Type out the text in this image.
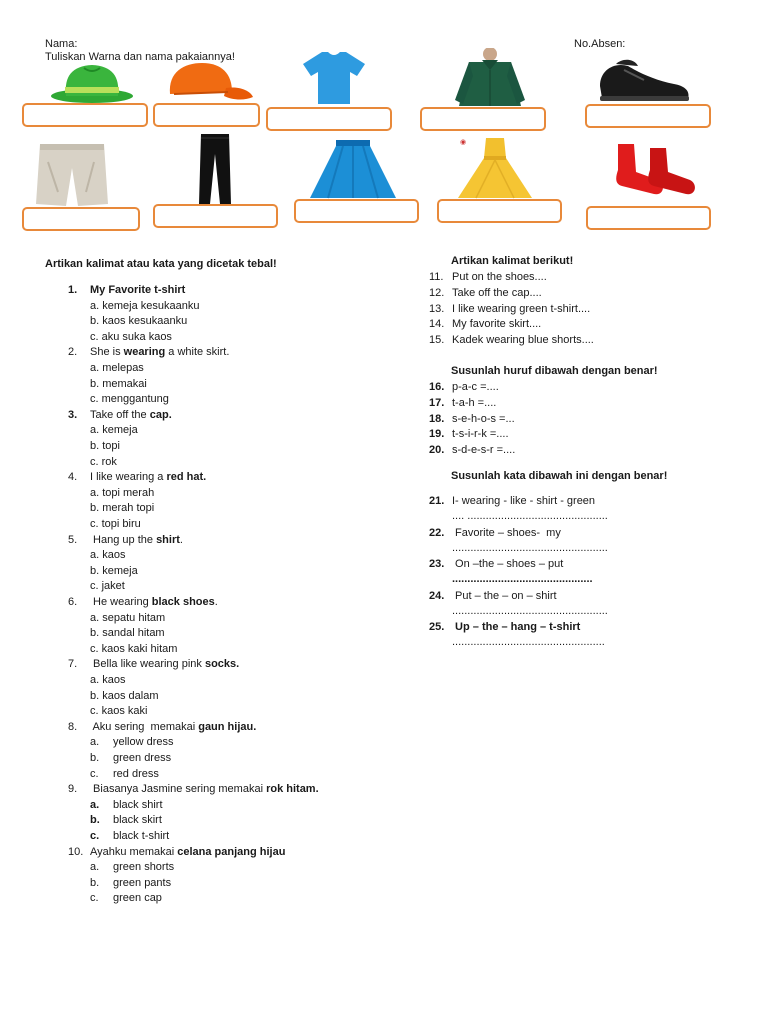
Nama:	No.Absen:
Tuliskan Warna dan nama pakaiannya!
◉
Artikan kalimat atau kata yang dicetak tebal!
1. My Favorite t-shirt
a. kemeja kesukaanku
b. kaos kesukaanku
c. aku suka kaos
2. She is wearing a white skirt.
a. melepas
b. memakai
c. menggantung
3. Take off the cap.
a. kemeja
b. topi
c. rok
4. I like wearing a red hat.
a. topi merah
b. merah topi
c. topi biru
5. Hang up the shirt.
a. kaos
b. kemeja
c. jaket
6. He wearing black shoes.
a. sepatu hitam
b. sandal hitam
c. kaos kaki hitam
7. Bella like wearing pink socks.
a. kaos
b. kaos dalam
c. kaos kaki
8. Aku sering  memakai gaun hijau.
a. yellow dress
b. green dress
c. red dress
9. Biasanya Jasmine sering memakai rok hitam.
a. black shirt
b. black skirt
c. black t-shirt
10. Ayahku memakai celana panjang hijau
a. green shorts
b. green pants
c. green cap
Artikan kalimat berikut!
11. Put on the shoes....
12. Take off the cap....
13. I like wearing green t-shirt....
14. My favorite skirt....
15. Kadek wearing blue shorts....
Susunlah huruf dibawah dengan benar!
16. p-a-c =....
17. t-a-h =....
18. s-e-h-o-s =...
19. t-s-i-r-k =....
20. s-d-e-s-r =....
Susunlah kata dibawah ini dengan benar!
21. I- wearing - like - shirt - green
.... ..............................................
22. Favorite – shoes-  my
...................................................
23. On –the – shoes – put
..............................................
24. Put – the – on – shirt
...................................................
25. Up – the – hang – t-shirt
..................................................
